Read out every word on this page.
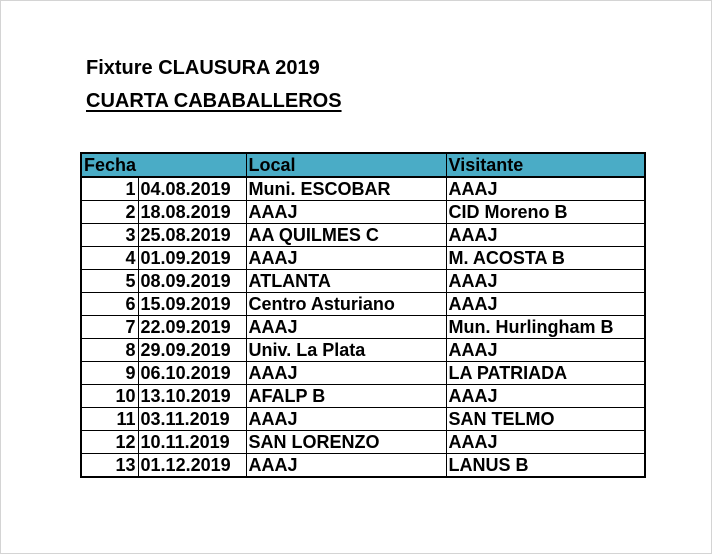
Fixture CLAUSURA 2019
CUARTA CABABALLEROS
Fecha		Local	Visitante
1	04.08.2019	Muni. ESCOBAR	AAAJ
2	18.08.2019	AAAJ	CID Moreno B
3	25.08.2019	AA QUILMES C	AAAJ
4	01.09.2019	AAAJ	M. ACOSTA B
5	08.09.2019	ATLANTA	AAAJ
6	15.09.2019	Centro Asturiano	AAAJ
7	22.09.2019	AAAJ	Mun. Hurlingham B
8	29.09.2019	Univ. La Plata	AAAJ
9	06.10.2019	AAAJ	LA PATRIADA
10	13.10.2019	AFALP B	AAAJ
11	03.11.2019	AAAJ	SAN TELMO
12	10.11.2019	SAN LORENZO	AAAJ
13	01.12.2019	AAAJ	LANUS B
